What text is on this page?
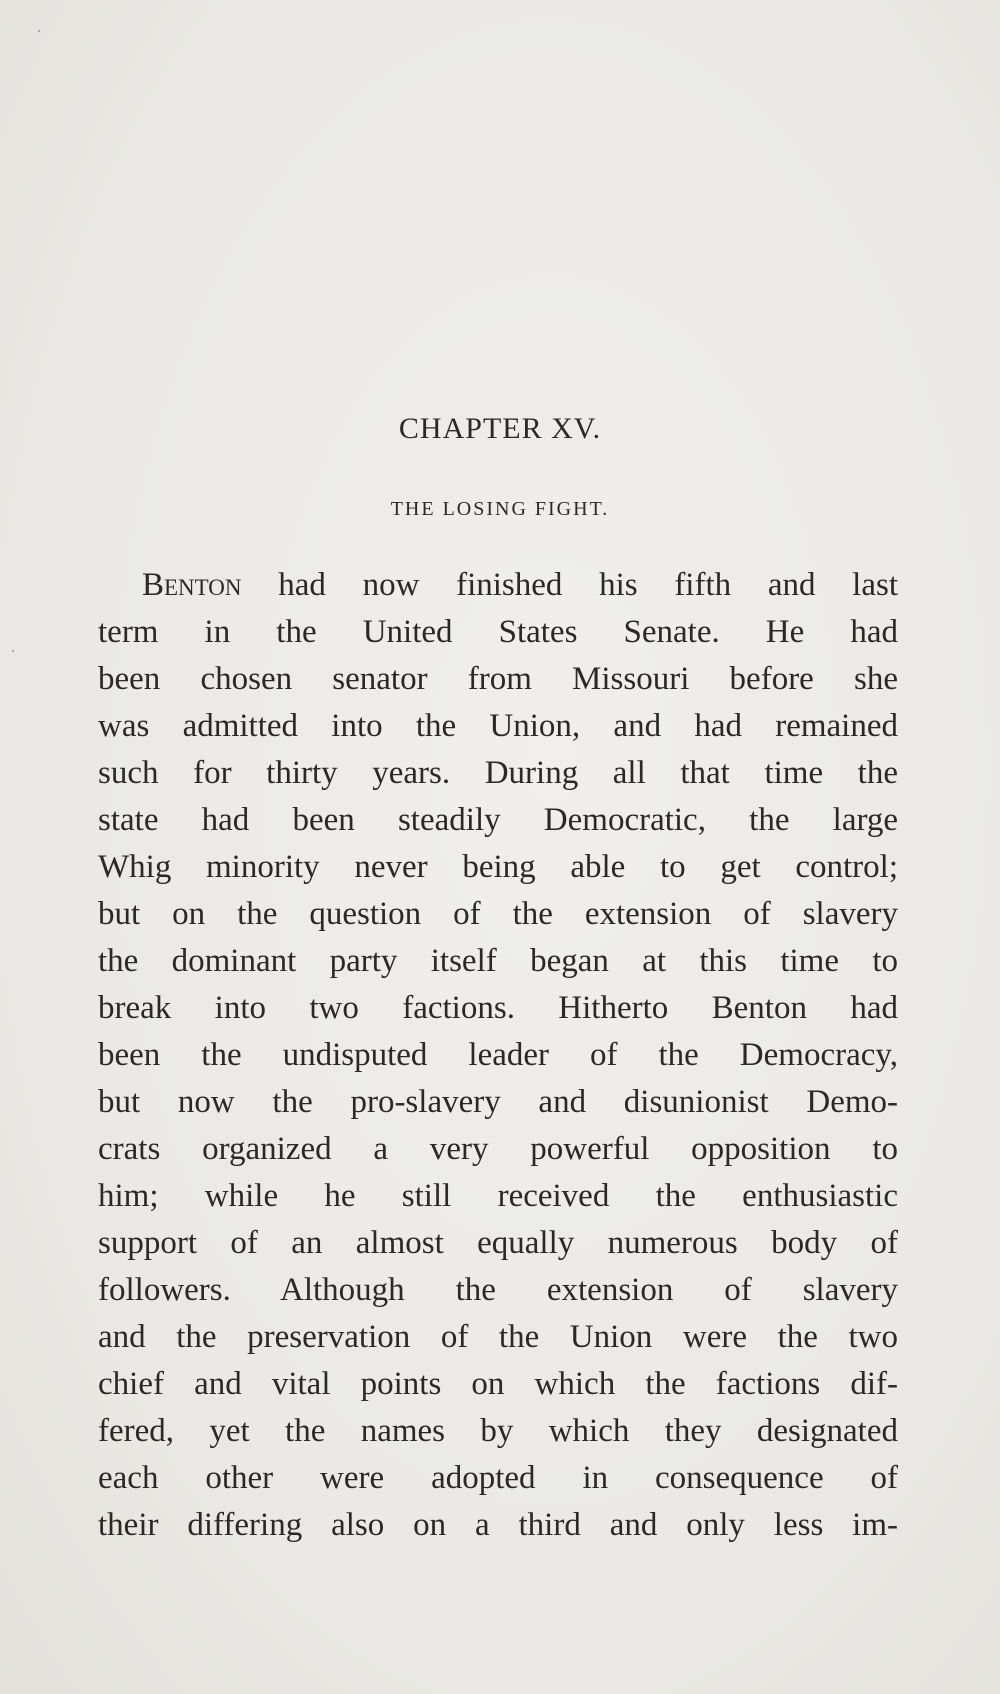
CHAPTER XV.
THE LOSING FIGHT.
Benton had now finished his fifth and last
term in the United States Senate. He had
been chosen senator from Missouri before she
was admitted into the Union, and had remained
such for thirty years. During all that time the
state had been steadily Democratic, the large
Whig minority never being able to get control;
but on the question of the extension of slavery
the dominant party itself began at this time to
break into two factions. Hitherto Benton had
been the undisputed leader of the Democracy,
but now the pro-slavery and disunionist Demo-
crats organized a very powerful opposition to
him; while he still received the enthusiastic
support of an almost equally numerous body of
followers. Although the extension of slavery
and the preservation of the Union were the two
chief and vital points on which the factions dif-
fered, yet the names by which they designated
each other were adopted in consequence of
their differing also on a third and only less im-
